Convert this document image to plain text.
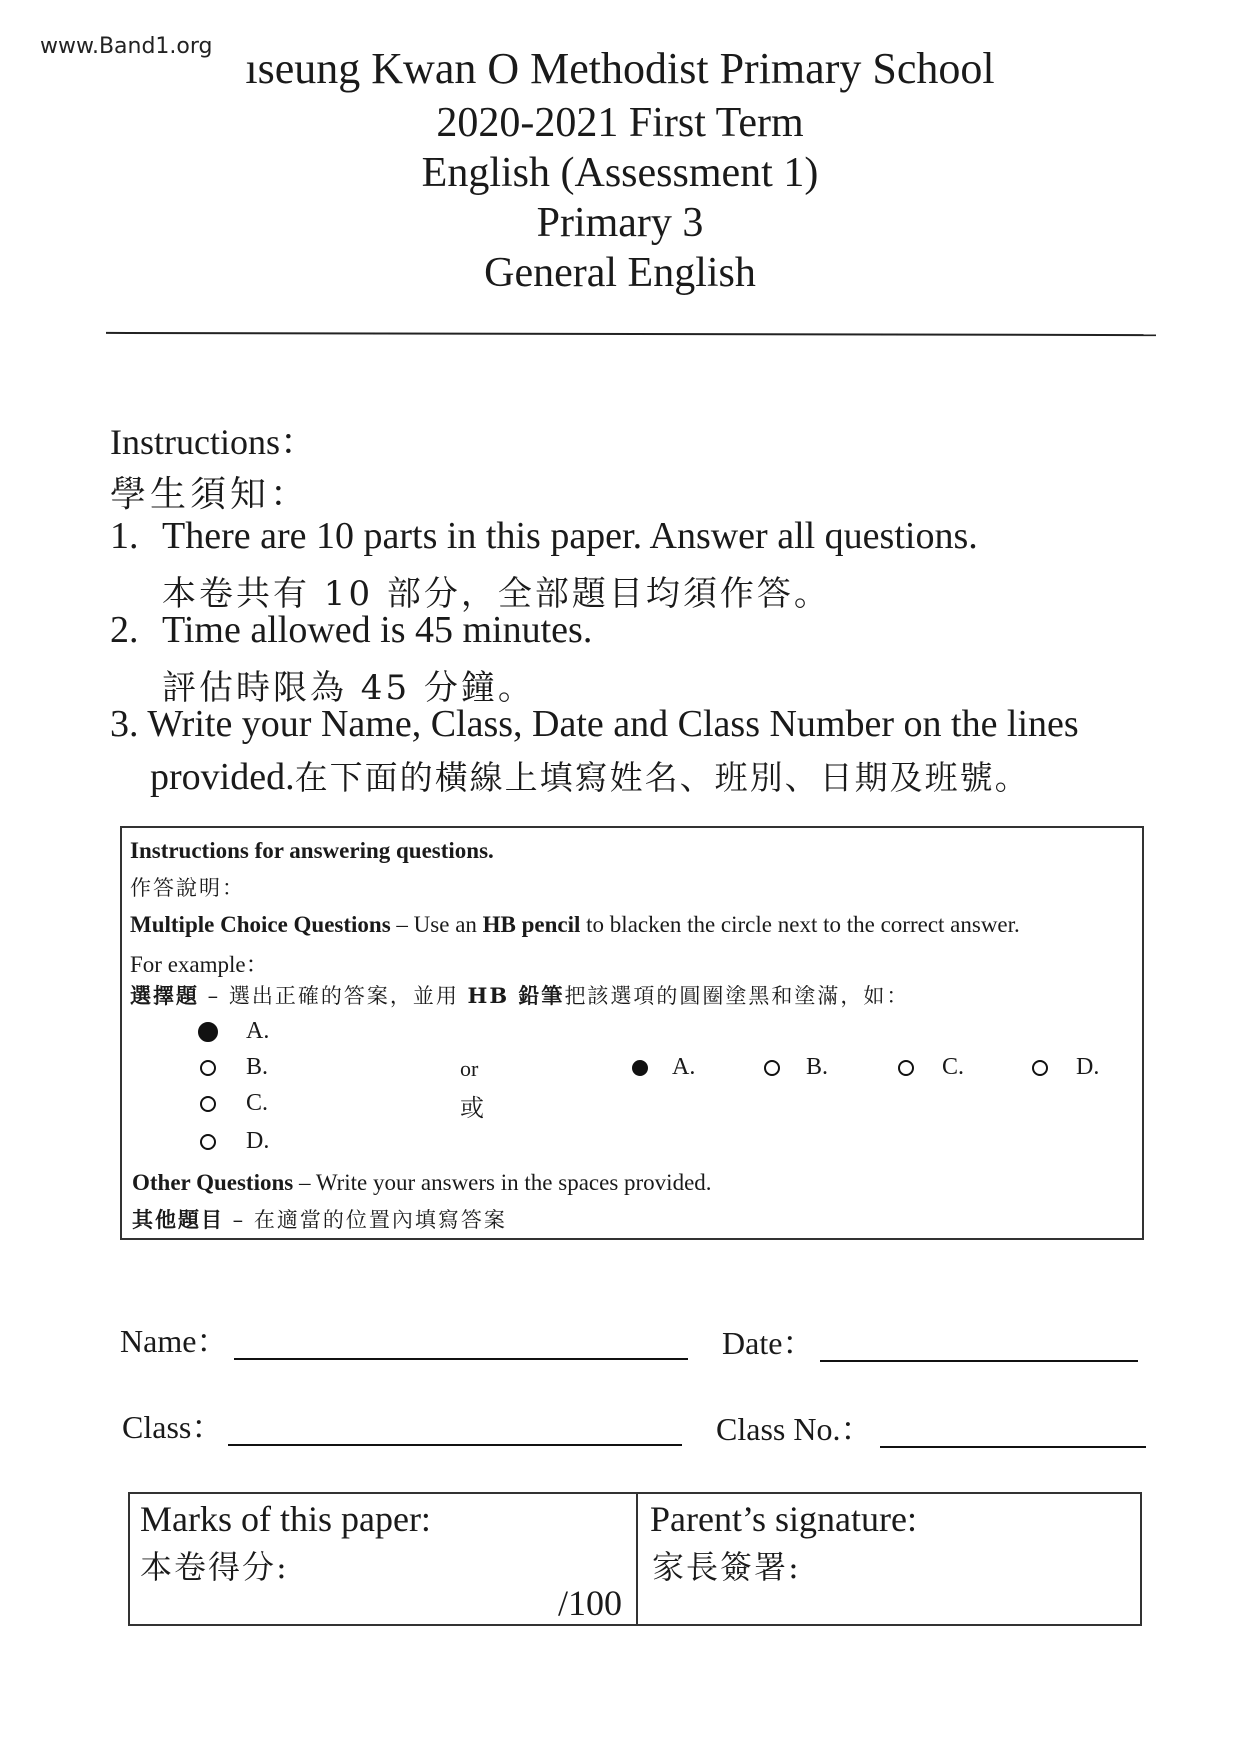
www.Band1.org ıseung Kwan O Methodist Primary School
2020-2021 First Term
English (Assessment 1)
Primary 3
General English
Instructions：
學生須知：
1. There are 10 parts in this paper. Answer all questions.
本卷共有 10 部分，全部題目均須作答。
2. Time allowed is 45 minutes.
評估時限為 45 分鐘。
3. Write your Name, Class, Date and Class Number on the lines
provided.在下面的橫線上填寫姓名、班別、日期及班號。
Instructions for answering questions.
作答說明：
Multiple Choice Questions – Use an HB pencil to blacken the circle next to the correct answer.
For example：
選擇題 – 選出正確的答案，並用 HB 鉛筆把該選項的圓圈塗黑和塗滿，如：
A.
B.
C.
D.
or
或
A.	B.	C.	D.
Other Questions – Write your answers in the spaces provided.
其他題目 – 在適當的位置內填寫答案
Name：	Date：
Class：	Class No.：
Marks of this paper:
本卷得分:
/100
Parent’s signature:
家長簽署:
